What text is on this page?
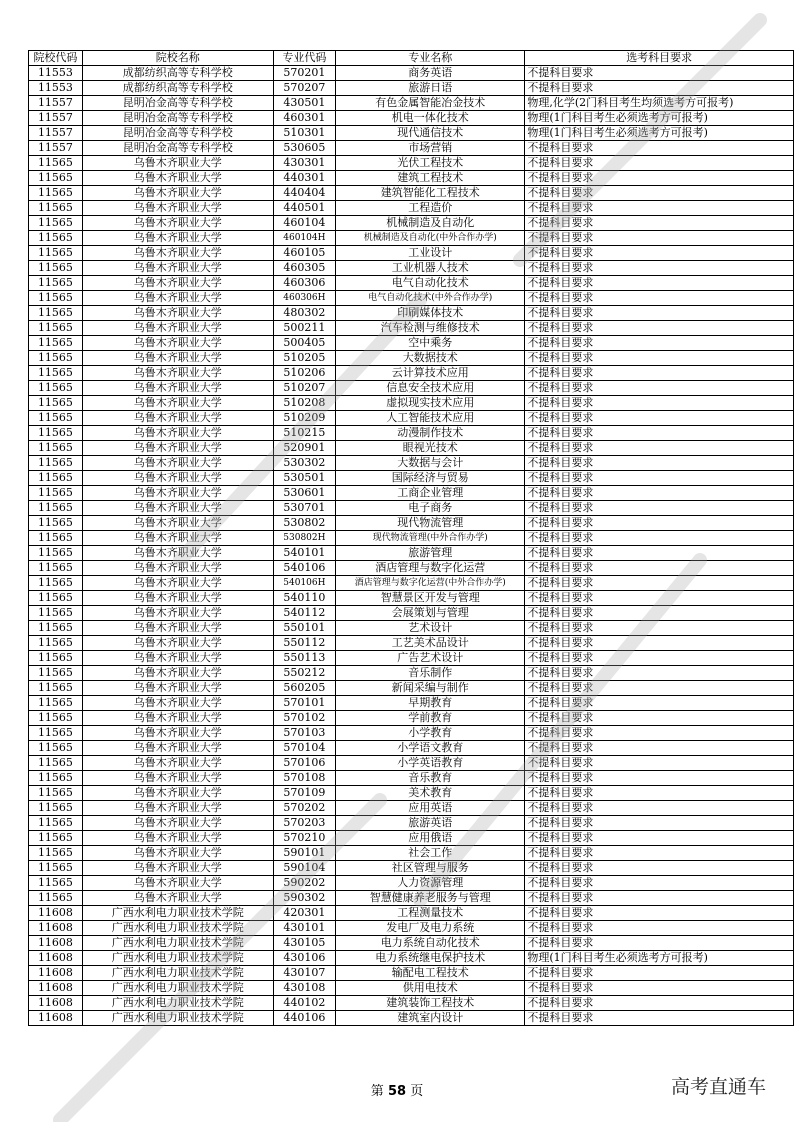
院校代码	院校名称	专业代码	专业名称	选考科目要求
11553	成都纺织高等专科学校	570201	商务英语	不提科目要求
11553	成都纺织高等专科学校	570207	旅游日语	不提科目要求
11557	昆明冶金高等专科学校	430501	有色金属智能冶金技术	物理,化学(2门科目考生均须选考方可报考)
11557	昆明冶金高等专科学校	460301	机电一体化技术	物理(1门科目考生必须选考方可报考)
11557	昆明冶金高等专科学校	510301	现代通信技术	物理(1门科目考生必须选考方可报考)
11557	昆明冶金高等专科学校	530605	市场营销	不提科目要求
11565	乌鲁木齐职业大学	430301	光伏工程技术	不提科目要求
11565	乌鲁木齐职业大学	440301	建筑工程技术	不提科目要求
11565	乌鲁木齐职业大学	440404	建筑智能化工程技术	不提科目要求
11565	乌鲁木齐职业大学	440501	工程造价	不提科目要求
11565	乌鲁木齐职业大学	460104	机械制造及自动化	不提科目要求
11565	乌鲁木齐职业大学	460104H	机械制造及自动化(中外合作办学)	不提科目要求
11565	乌鲁木齐职业大学	460105	工业设计	不提科目要求
11565	乌鲁木齐职业大学	460305	工业机器人技术	不提科目要求
11565	乌鲁木齐职业大学	460306	电气自动化技术	不提科目要求
11565	乌鲁木齐职业大学	460306H	电气自动化技术(中外合作办学)	不提科目要求
11565	乌鲁木齐职业大学	480302	印刷媒体技术	不提科目要求
11565	乌鲁木齐职业大学	500211	汽车检测与维修技术	不提科目要求
11565	乌鲁木齐职业大学	500405	空中乘务	不提科目要求
11565	乌鲁木齐职业大学	510205	大数据技术	不提科目要求
11565	乌鲁木齐职业大学	510206	云计算技术应用	不提科目要求
11565	乌鲁木齐职业大学	510207	信息安全技术应用	不提科目要求
11565	乌鲁木齐职业大学	510208	虚拟现实技术应用	不提科目要求
11565	乌鲁木齐职业大学	510209	人工智能技术应用	不提科目要求
11565	乌鲁木齐职业大学	510215	动漫制作技术	不提科目要求
11565	乌鲁木齐职业大学	520901	眼视光技术	不提科目要求
11565	乌鲁木齐职业大学	530302	大数据与会计	不提科目要求
11565	乌鲁木齐职业大学	530501	国际经济与贸易	不提科目要求
11565	乌鲁木齐职业大学	530601	工商企业管理	不提科目要求
11565	乌鲁木齐职业大学	530701	电子商务	不提科目要求
11565	乌鲁木齐职业大学	530802	现代物流管理	不提科目要求
11565	乌鲁木齐职业大学	530802H	现代物流管理(中外合作办学)	不提科目要求
11565	乌鲁木齐职业大学	540101	旅游管理	不提科目要求
11565	乌鲁木齐职业大学	540106	酒店管理与数字化运营	不提科目要求
11565	乌鲁木齐职业大学	540106H	酒店管理与数字化运营(中外合作办学)	不提科目要求
11565	乌鲁木齐职业大学	540110	智慧景区开发与管理	不提科目要求
11565	乌鲁木齐职业大学	540112	会展策划与管理	不提科目要求
11565	乌鲁木齐职业大学	550101	艺术设计	不提科目要求
11565	乌鲁木齐职业大学	550112	工艺美术品设计	不提科目要求
11565	乌鲁木齐职业大学	550113	广告艺术设计	不提科目要求
11565	乌鲁木齐职业大学	550212	音乐制作	不提科目要求
11565	乌鲁木齐职业大学	560205	新闻采编与制作	不提科目要求
11565	乌鲁木齐职业大学	570101	早期教育	不提科目要求
11565	乌鲁木齐职业大学	570102	学前教育	不提科目要求
11565	乌鲁木齐职业大学	570103	小学教育	不提科目要求
11565	乌鲁木齐职业大学	570104	小学语文教育	不提科目要求
11565	乌鲁木齐职业大学	570106	小学英语教育	不提科目要求
11565	乌鲁木齐职业大学	570108	音乐教育	不提科目要求
11565	乌鲁木齐职业大学	570109	美术教育	不提科目要求
11565	乌鲁木齐职业大学	570202	应用英语	不提科目要求
11565	乌鲁木齐职业大学	570203	旅游英语	不提科目要求
11565	乌鲁木齐职业大学	570210	应用俄语	不提科目要求
11565	乌鲁木齐职业大学	590101	社会工作	不提科目要求
11565	乌鲁木齐职业大学	590104	社区管理与服务	不提科目要求
11565	乌鲁木齐职业大学	590202	人力资源管理	不提科目要求
11565	乌鲁木齐职业大学	590302	智慧健康养老服务与管理	不提科目要求
11608	广西水利电力职业技术学院	420301	工程测量技术	不提科目要求
11608	广西水利电力职业技术学院	430101	发电厂及电力系统	不提科目要求
11608	广西水利电力职业技术学院	430105	电力系统自动化技术	不提科目要求
11608	广西水利电力职业技术学院	430106	电力系统继电保护技术	物理(1门科目考生必须选考方可报考)
11608	广西水利电力职业技术学院	430107	输配电工程技术	不提科目要求
11608	广西水利电力职业技术学院	430108	供用电技术	不提科目要求
11608	广西水利电力职业技术学院	440102	建筑装饰工程技术	不提科目要求
11608	广西水利电力职业技术学院	440106	建筑室内设计	不提科目要求
第 58 页	高考直通车
